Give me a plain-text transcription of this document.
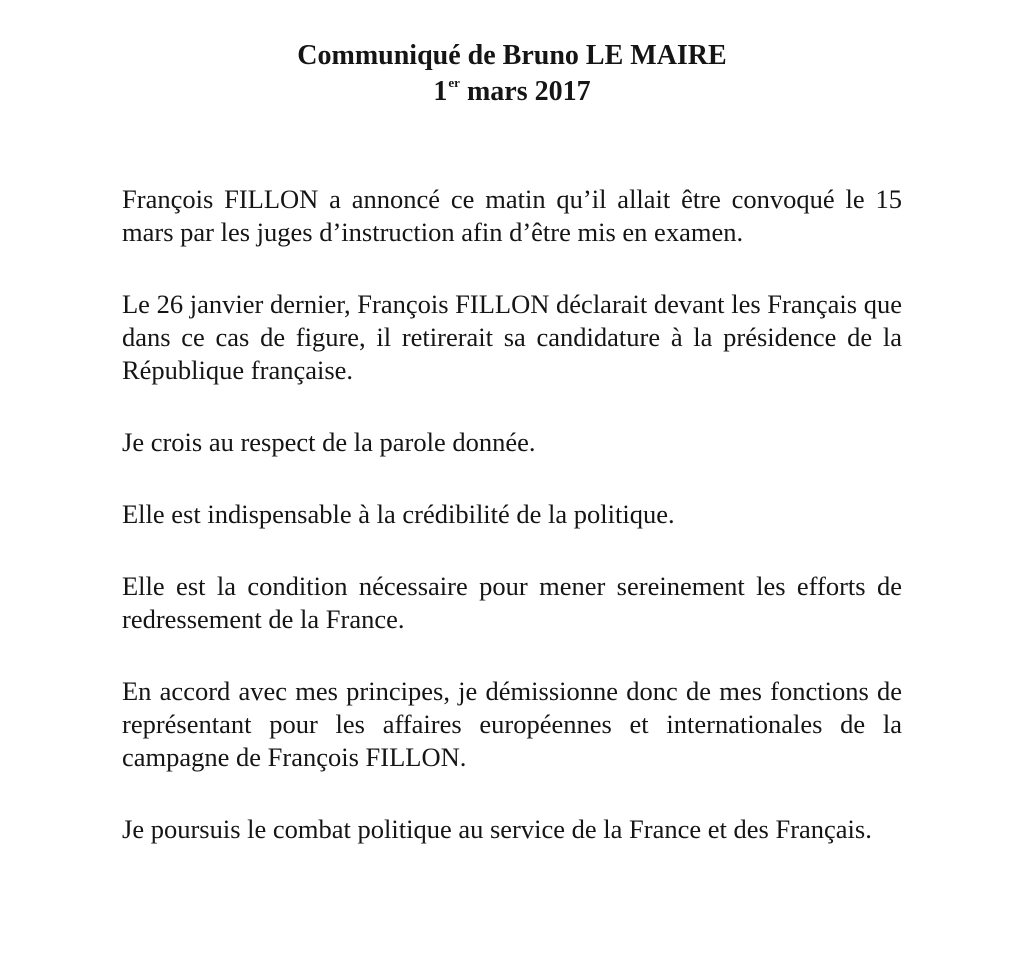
Communiqué de Bruno LE MAIRE
1er mars 2017

François FILLON a annoncé ce matin qu’il allait être convoqué le 15 mars par les juges d’instruction afin d’être mis en examen.

Le 26 janvier dernier, François FILLON déclarait devant les Français que dans ce cas de figure, il retirerait sa candidature à la présidence de la République française.

Je crois au respect de la parole donnée.

Elle est indispensable à la crédibilité de la politique.

Elle est la condition nécessaire pour mener sereinement les efforts de redressement de la France.

En accord avec mes principes, je démissionne donc de mes fonctions de représentant pour les affaires européennes et internationales de la campagne de François FILLON.

Je poursuis le combat politique au service de la France et des Français.
